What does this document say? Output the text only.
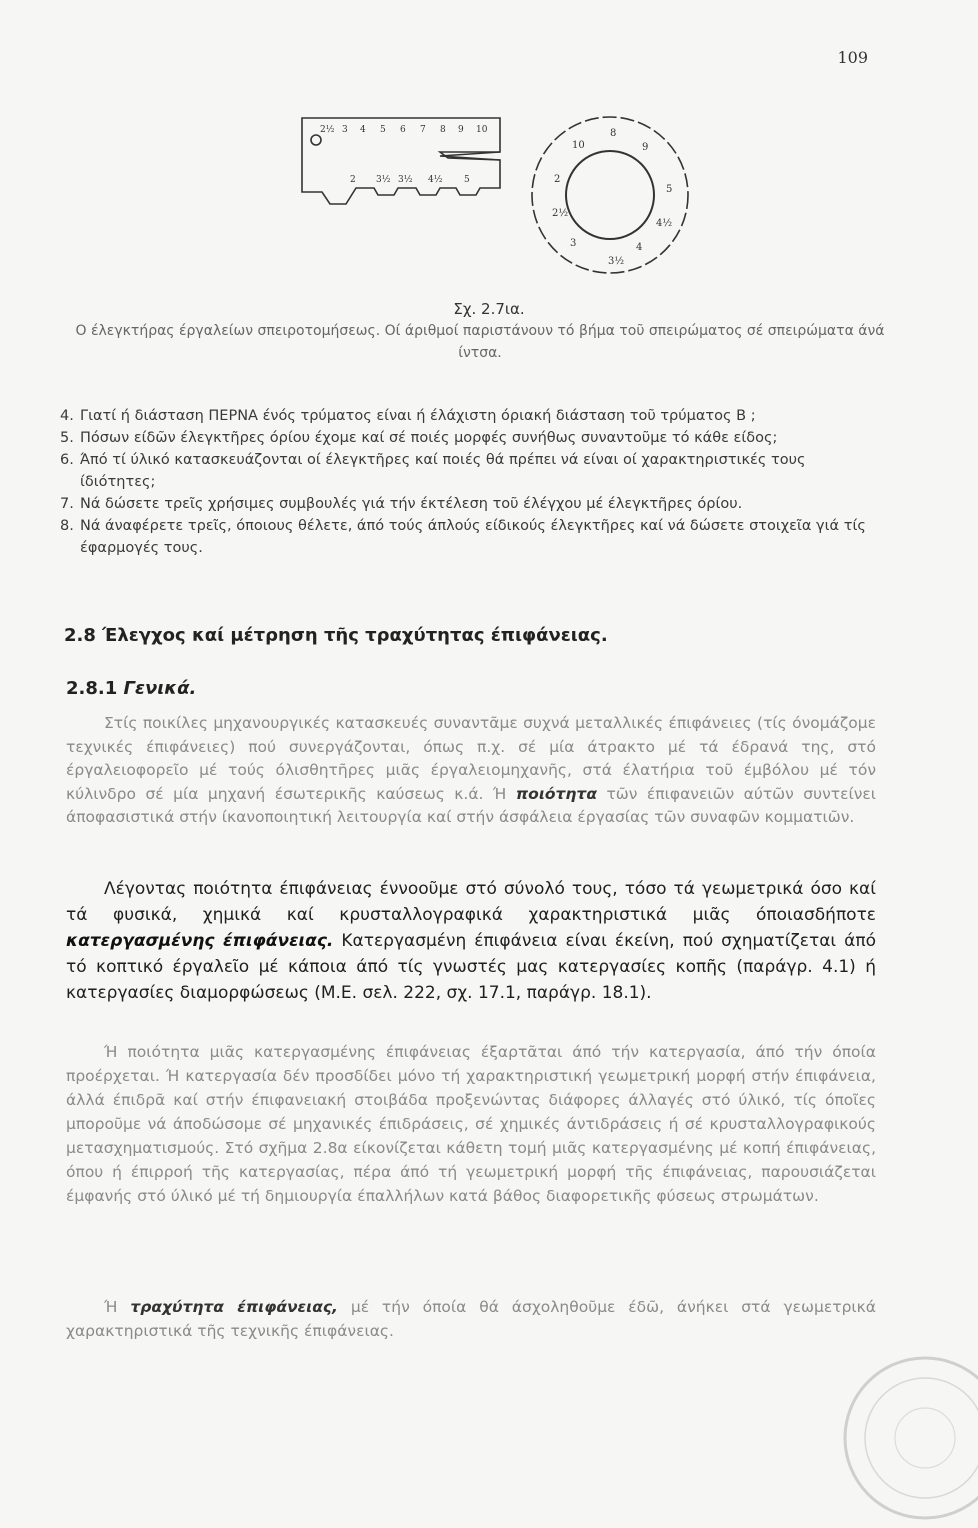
109
2½ 3 4 5 6 7 8 9 10
2 3½ 3½ 4½ 5
8
9
10
5
4½
4
3½
3
2½
2
Σχ. 2.7ια.
Ο έλεγκτήρας έργαλείων σπειροτομήσεως. Οί άριθμοί παριστάνουν τό βήμα τοῦ σπειρώματος σέ σπειρώματα άνά ίντσα.
4. Γιατί ή διάσταση ΠΕΡΝΑ ένός τρύματος είναι ή έλάχιστη όριακή διάσταση τοῦ τρύματος Β ;
5. Πόσων είδῶν έλεγκτῆρες όρίου έχομε καί σέ ποιές μορφές συνήθως συναντοῦμε τό κάθε είδος;
6. Άπό τί ύλικό κατασκευάζονται οί έλεγκτῆρες καί ποιές θά πρέπει νά είναι οί χαρακτηριστικές τους ίδιότητες;
7. Νά δώσετε τρεῖς χρήσιμες συμβουλές γιά τήν έκτέλεση τοῦ έλέγχου μέ έλεγκτῆρες όρίου.
8. Νά άναφέρετε τρεῖς, όποιους θέλετε, άπό τούς άπλούς είδικούς έλεγκτῆρες καί νά δώσετε στοιχεῖα γιά τίς έφαρμογές τους.
2.8 Έλεγχος καί μέτρηση τῆς τραχύτητας έπιφάνειας.
2.8.1 Γενικά.

Στίς ποικίλες μηχανουργικές κατασκευές συναντᾶμε συχνά μεταλλικές έπιφάνειες (τίς όνομάζομε τεχνικές έπιφάνειες) πού συνεργάζονται, όπως π.χ. σέ μία άτρακτο μέ τά έδρανά της, στό έργαλειοφορεῖο μέ τούς όλισθητῆρες μιᾶς έργαλειομηχανῆς, στά έλατήρια τοῦ έμβόλου μέ τόν κύλινδρο σέ μία μηχανή έσωτερικῆς καύσεως κ.ά. Ή ποιότητα τῶν έπιφανειῶν αύτῶν συντείνει άποφασιστικά στήν ίκανοποιητική λειτουργία καί στήν άσφάλεια έργασίας τῶν συναφῶν κομματιῶν.

Λέγοντας ποιότητα έπιφάνειας έννοοῦμε στό σύνολό τους, τόσο τά γεωμετρικά όσο καί τά φυσικά, χημικά καί κρυσταλλογραφικά χαρακτηριστικά μιᾶς όποιασδήποτε κατεργασμένης έπιφάνειας. Κατεργασμένη έπιφάνεια είναι έκείνη, πού σχηματίζεται άπό τό κοπτικό έργαλεῖο μέ κάποια άπό τίς γνωστές μας κατεργασίες κοπῆς (παράγρ. 4.1) ή κατεργασίες διαμορφώσεως (Μ.Ε. σελ. 222, σχ. 17.1, παράγρ. 18.1).

Ή ποιότητα μιᾶς κατεργασμένης έπιφάνειας έξαρτᾶται άπό τήν κατεργασία, άπό τήν όποία προέρχεται. Ή κατεργασία δέν προσδίδει μόνο τή χαρακτηριστική γεωμετρική μορφή στήν έπιφάνεια, άλλά έπιδρᾶ καί στήν έπιφανειακή στοιβάδα προξενώντας διάφορες άλλαγές στό ύλικό, τίς όποῖες μποροῦμε νά άποδώσομε σέ μηχανικές έπιδράσεις, σέ χημικές άντιδράσεις ή σέ κρυσταλλογραφικούς μετασχηματισμούς. Στό σχῆμα 2.8α είκονίζεται κάθετη τομή μιᾶς κατεργασμένης μέ κοπή έπιφάνειας, όπου ή έπιρροή τῆς κατεργασίας, πέρα άπό τή γεωμετρική μορφή τῆς έπιφάνειας, παρουσιάζεται έμφανής στό ύλικό μέ τή δημιουργία έπαλλήλων κατά βάθος διαφορετικῆς φύσεως στρωμάτων.

Ή τραχύτητα έπιφάνειας, μέ τήν όποία θά άσχοληθοῦμε έδῶ, άνήκει στά γεωμετρικά χαρακτηριστικά τῆς τεχνικῆς έπιφάνειας.
